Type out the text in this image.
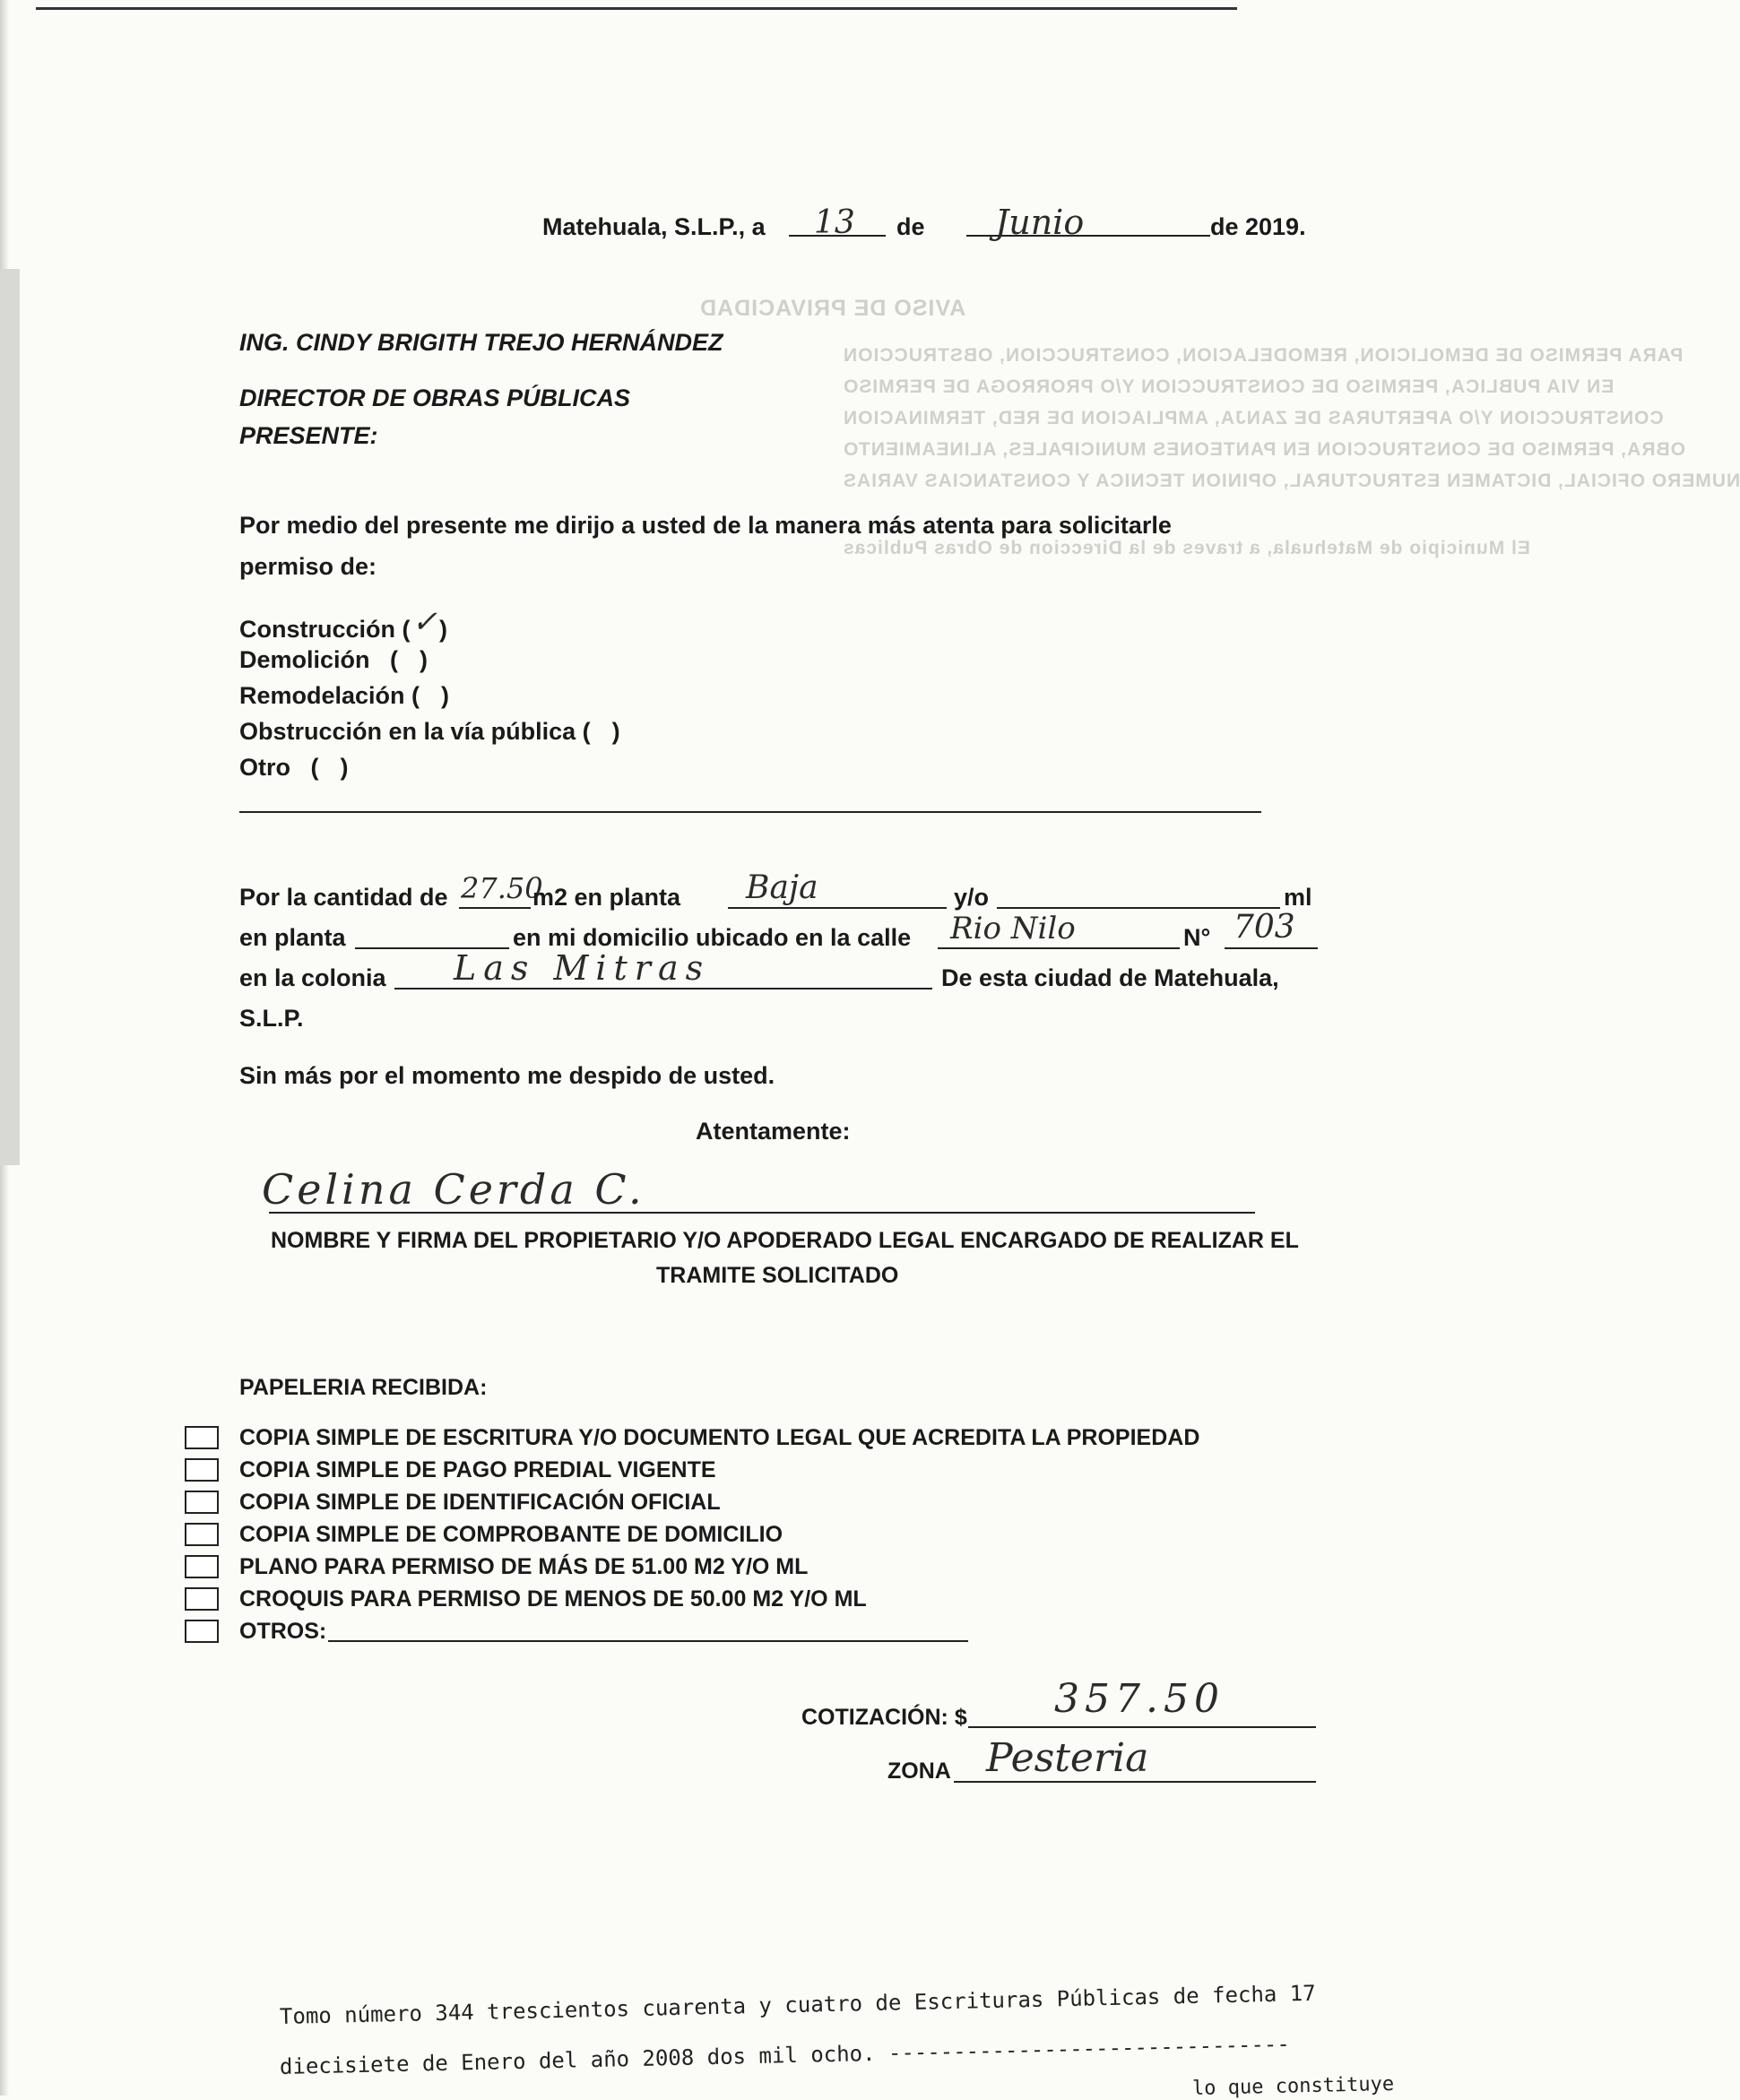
AVISO DE PRIVACIDAD
PARA PERMISO DE DEMOLICION, REMODELACION, CONSTRUCCION, OBSTRUCCION
EN VIA PUBLICA, PERMISO DE CONSTRUCCION Y/O PRORROGA DE PERMISO
CONSTRUCCION Y/O APERTURAS DE ZANJA, AMPLIACION DE RED, TERMINACION
OBRA, PERMISO DE CONSTRUCCION EN PANTEONES MUNICIPALES, ALINEAMIENTO
NUMERO OFICIAL, DICTAMEN ESTRUCTURAL, OPINION TECNICA Y CONSTANCIAS VARIAS
El Municipio de Matehuala, a traves de la Direccion de Obras Publicas
Matehuala, S.L.P., a 13 de Junio	de 2019.
ING. CINDY BRIGITH TREJO HERNÁNDEZ
DIRECTOR DE OBRAS PÚBLICAS
PRESENTE:
Por medio del presente me dirijo a usted de la manera más atenta para solicitarle
permiso de:
Construcción (✓)
Demolición   ( )
Remodelación ( )
Obstrucción en la vía pública ( )
Otro   ( )
Por la cantidad de 27.50
m2 en planta Baja	y/o	ml
en planta	en mi domicilio ubicado en la calle Rio Nilo	N° 703
en la colonia Las Mitras	De esta ciudad de Matehuala,
S.L.P.
Sin más por el momento me despido de usted.
Atentamente:
Celina Cerda C.
NOMBRE Y FIRMA DEL PROPIETARIO Y/O APODERADO LEGAL ENCARGADO DE REALIZAR EL
TRAMITE SOLICITADO
PAPELERIA RECIBIDA:
COPIA SIMPLE DE ESCRITURA Y/O DOCUMENTO LEGAL QUE ACREDITA LA PROPIEDAD
COPIA SIMPLE DE PAGO PREDIAL VIGENTE
COPIA SIMPLE DE IDENTIFICACIÓN OFICIAL
COPIA SIMPLE DE COMPROBANTE DE DOMICILIO
PLANO PARA PERMISO DE MÁS DE 51.00 M2 Y/O ML
CROQUIS PARA PERMISO DE MENOS DE 50.00 M2 Y/O ML
OTROS:
COTIZACIÓN: $ 357.50
ZONA Pesteria
Tomo número 344 trescientos cuarenta y cuatro de Escrituras Públicas de fecha 17
diecisiete de Enero del año 2008 dos mil ocho. -------------------------------
lo que constituye
